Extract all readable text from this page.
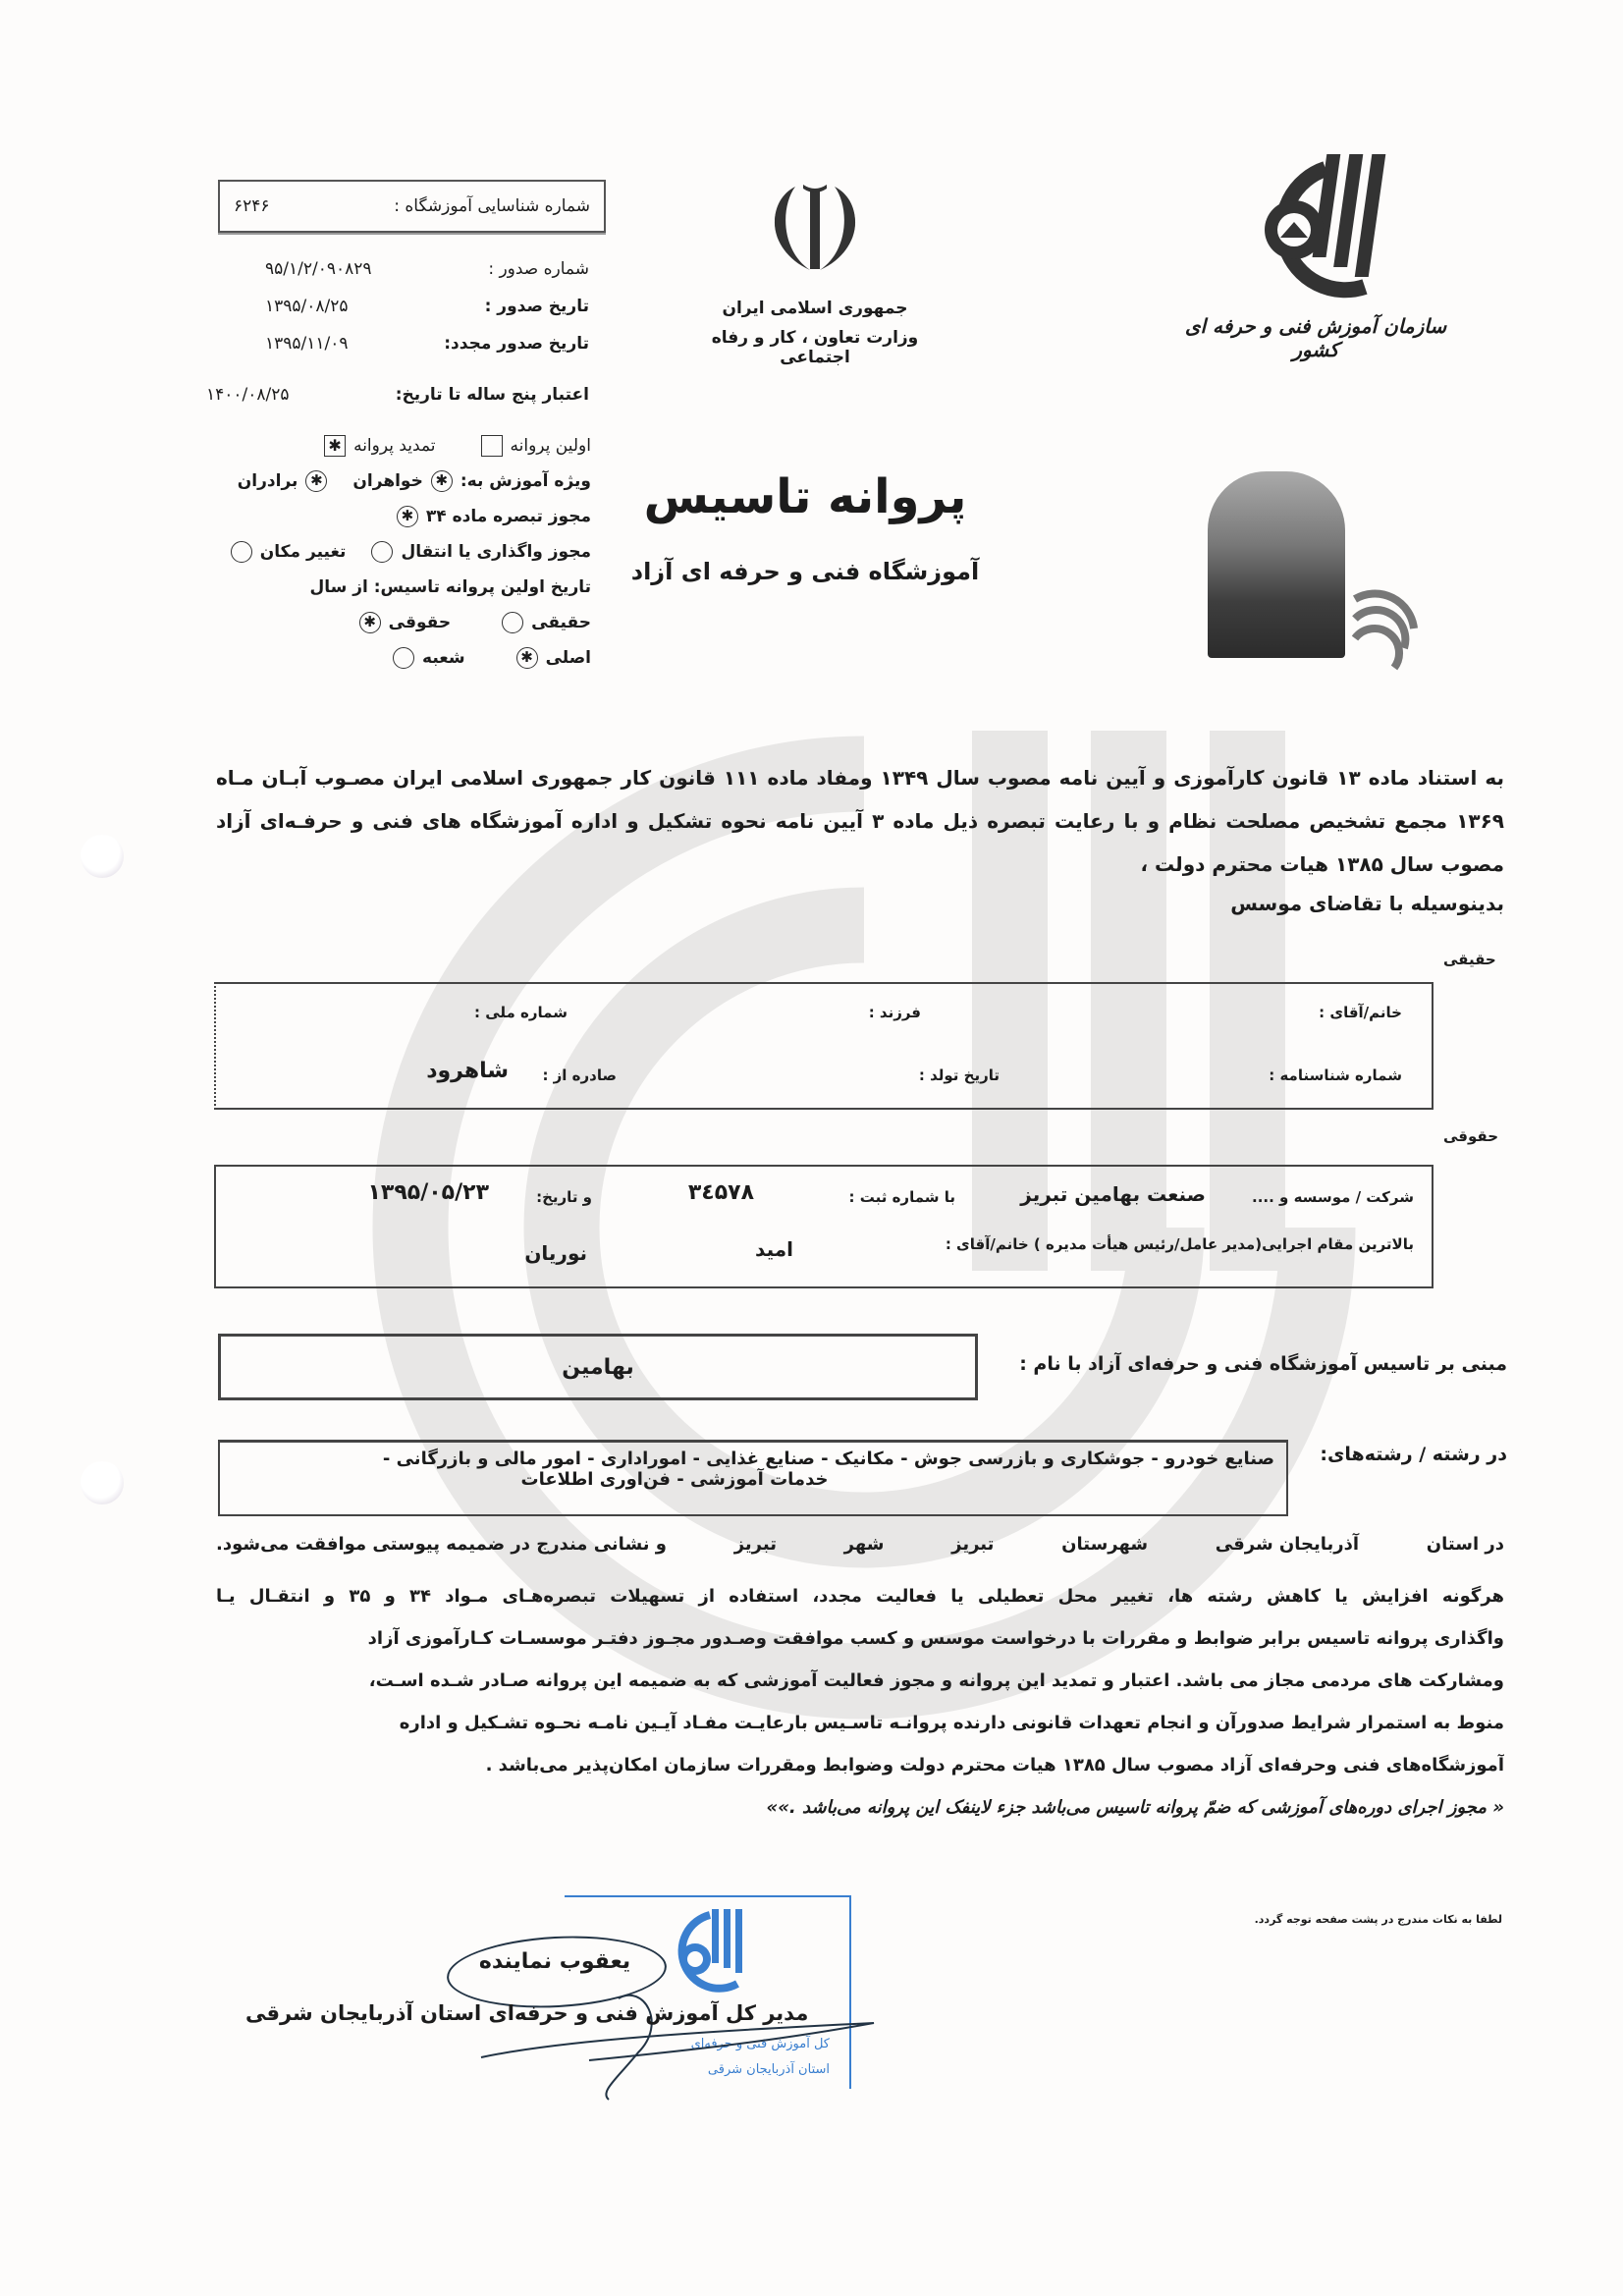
شماره شناسایی آموزشگاه :
۶۲۴۶
شماره صدور :
۹۵/۱/۲/۰۹۰۸۲۹
تاریخ صدور :
۱۳۹۵/۰۸/۲۵
تاریخ صدور مجدد:
۱۳۹۵/۱۱/۰۹
اعتبار پنج ساله تا تاریخ:
۱۴۰۰/۰۸/۲۵
اولین پروانه
تمدید پروانه
✱
ویژه آموزش به:
✱
خواهران
✱
برادران
مجوز تبصره ماده ۳۴
✱
مجوز واگذاری یا انتقال
تغییر مکان
تاریخ اولین پروانه تاسیس: از سال
حقیقی
حقوقی
✱
اصلی
✱
شعبه
جمهوری اسلامی ایران
وزارت تعاون ، کار و رفاه اجتماعی
سازمان آموزش فنی و حرفه ای کشور
پروانه تاسیس
آموزشگاه فنی و حرفه ای آزاد
به استناد ماده ۱۳ قانون کارآموزی و آیین نامه مصوب سال ۱۳۴۹ ومفاد ماده ۱۱۱ قانون کار جمهوری اسلامی ایران مصـوب آبـان مـاه
۱۳۶۹ مجمع تشخیص مصلحت نظام و با رعایت تبصره ذیل ماده ۳ آیین نامه نحوه تشکیل و اداره آموزشگاه های فنی و حرفـه‌ای آزاد
مصوب سال ۱۳۸۵ هیات محترم دولت ،
بدینوسیله با تقاضای موسس
حقیقی
خانم/آقای :
فرزند :
شماره ملی :
شماره شناسنامه :
تاریخ تولد :
صادره از :
شاهرود
حقوقی
شرکت / موسسه و ....
صنعت بهامین تبریز
با شماره ثبت :
۳٤۵۷۸
و تاریخ:
۱۳۹۵/۰۵/۲۳
بالاترین مقام اجرایی(مدیر عامل/رئیس هیأت مدیره ) خانم/آقای :
امید
نوریان
مبنی بر تاسیس آموزشگاه فنی و حرفه‌ای آزاد با نام :
بهامین
در رشته / رشته‌های:
صنایع خودرو - جوشکاری و بازرسی جوش - مکانیک - صنایع غذایی - اموراداری - امور مالی و بازرگانی -
خدمات آموزشی - فن‌اوری اطلاعات
در استان
آذربایجان شرقی
شهرستان
تبریز
شهر
تبریز
و نشانی مندرج در ضمیمه پیوستی موافقت می‌شود.
هرگونه افزایش یا کاهش رشته ها، تغییر محل تعطیلی یا فعالیت مجدد، استفاده از تسهیلات تبصره‌هـای مـواد ۳۴ و ۳۵ و انتقـال یـا
واگذاری پروانه تاسیس برابر ضوابط و مقررات با درخواست موسس و کسب موافقت وصـدور مجـوز دفتـر موسسـات کـارآموزی آزاد
ومشارکت های مردمی مجاز می باشد. اعتبار و تمدید این پروانه و مجوز فعالیت آموزشی که به ضمیمه این پروانه صـادر شـده اسـت،
منوط به استمرار شرایط صدورآن و انجام تعهدات قانونی دارنده پروانـه تاسـیس بارعایـت مفـاد آیـین نامـه نحـوه تشـکیل و اداره
آموزشگاه‌های فنی وحرفه‌ای آزاد مصوب سال ۱۳۸۵ هیات محترم دولت وضوابط ومقررات سازمان امکان‌پذیر می‌باشد .
« مجوز اجرای دوره‌های آموزشی که ضمّ پروانه تاسیس می‌باشد جزء لاینفک این پروانه می‌باشد .»»
لطفا به نکات مندرج در پشت صفحه توجه گردد.
کل آموزش فنی و حرفه‌ای
استان آذربایجان شرقی
یعقوب نماینده
مدیر کل آموزش فنی و حرفه‌ای استان آذربایجان شرقی
